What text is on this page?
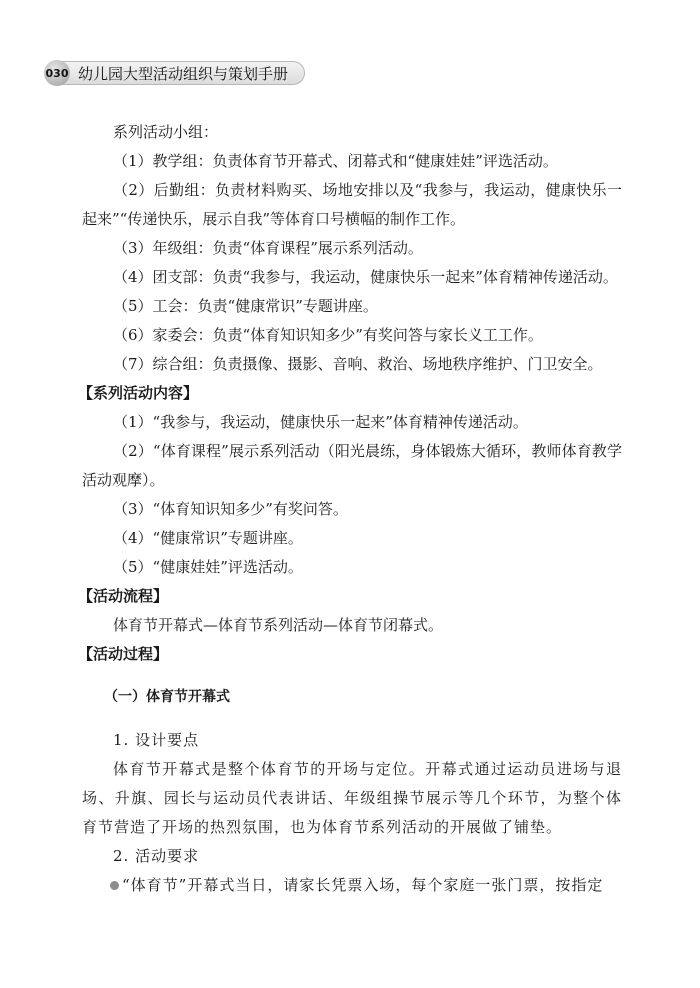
030 幼儿园大型活动组织与策划手册

系列活动小组：

（1）教学组：负责体育节开幕式、闭幕式和“健康娃娃”评选活动。

（2）后勤组：负责材料购买、场地安排以及“我参与，我运动，健康快乐一起来”“传递快乐，展示自我”等体育口号横幅的制作工作。

（3）年级组：负责“体育课程”展示系列活动。

（4）团支部：负责“我参与，我运动，健康快乐一起来”体育精神传递活动。

（5）工会：负责“健康常识”专题讲座。

（6）家委会：负责“体育知识知多少”有奖问答与家长义工工作。

（7）综合组：负责摄像、摄影、音响、救治、场地秩序维护、门卫安全。

【系列活动内容】

（1）“我参与，我运动，健康快乐一起来”体育精神传递活动。

（2）“体育课程”展示系列活动（阳光晨练，身体锻炼大循环，教师体育教学活动观摩）。

（3）“体育知识知多少”有奖问答。

（4）“健康常识”专题讲座。

（5）“健康娃娃”评选活动。

【活动流程】

体育节开幕式—体育节系列活动—体育节闭幕式。

【活动过程】

（一）体育节开幕式

1. 设计要点

体育节开幕式是整个体育节的开场与定位。开幕式通过运动员进场与退场、升旗、园长与运动员代表讲话、年级组操节展示等几个环节，为整个体育节营造了开场的热烈氛围，也为体育节系列活动的开展做了铺垫。

2. 活动要求

“体育节”开幕式当日，请家长凭票入场，每个家庭一张门票，按指定
